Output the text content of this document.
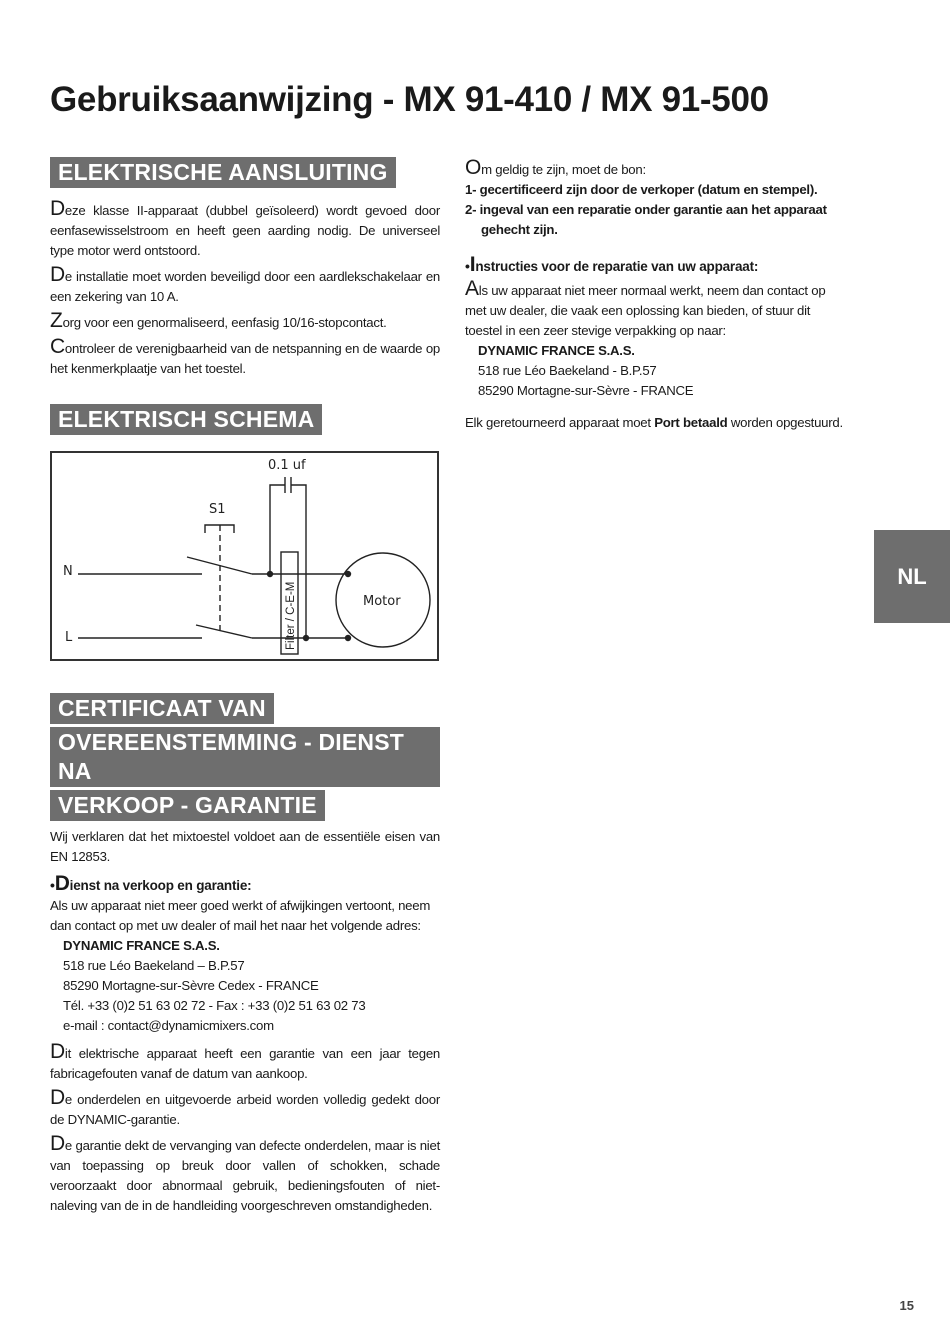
Gebruiksaanwijzing - MX 91-410 / MX 91-500
ELEKTRISCHE AANSLUITING

Deze klasse II-apparaat (dubbel geïsoleerd) wordt gevoed door eenfasewisselstroom en heeft geen aarding nodig. De universeel type motor werd ontstoord.

De installatie moet worden beveiligd door een aardlekschakelaar en een zekering van 10 A.

Zorg voor een genormaliseerd, eenfasig 10/16-stopcontact.

Controleer de verenigbaarheid van de netspanning en de waarde op het kenmerkplaatje van het toestel.

ELEKTRISCH SCHEMA
0.1 uf
S1
N
L
Motor
Filter / C-E-M
CERTIFICAAT VAN
OVEREENSTEMMING - DIENST NA
VERKOOP - GARANTIE

Wij verklaren dat het mixtoestel voldoet aan de essentiële eisen van EN 12853.

•Dienst na verkoop en garantie:

Als uw apparaat niet meer goed werkt of afwijkingen vertoont, neem dan contact op met uw dealer of mail het naar het volgende adres:

DYNAMIC FRANCE S.A.S.
518 rue Léo Baekeland – B.P.57
85290 Mortagne-sur-Sèvre Cedex - FRANCE
Tél. +33 (0)2 51 63 02 72 - Fax : +33 (0)2 51 63 02 73
e-mail : contact@dynamicmixers.com

Dit elektrische apparaat heeft een garantie van een jaar tegen fabricagefouten vanaf de datum van aankoop.

De onderdelen en uitgevoerde arbeid worden volledig gedekt door de DYNAMIC-garantie.

De garantie dekt de vervanging van defecte onderdelen, maar is niet van toepassing op breuk door vallen of schokken, schade veroorzaakt door abnormaal gebruik, bedieningsfouten of niet-naleving van de in de handleiding voorgeschreven omstandigheden.

Om geldig te zijn, moet de bon:

1- gecertificeerd zijn door de verkoper (datum en stempel).
2- ingeval van een reparatie onder garantie aan het apparaat gehecht zijn.
•Instructies voor de reparatie van uw apparaat:

Als uw apparaat niet meer normaal werkt, neem dan contact op met uw dealer, die vaak een oplossing kan bieden, of stuur dit toestel in een zeer stevige verpakking op naar:

DYNAMIC FRANCE S.A.S.
518 rue Léo Baekeland - B.P.57
85290 Mortagne-sur-Sèvre - FRANCE

Elk geretourneerd apparaat moet Port betaald worden opgestuurd.

NL
15
